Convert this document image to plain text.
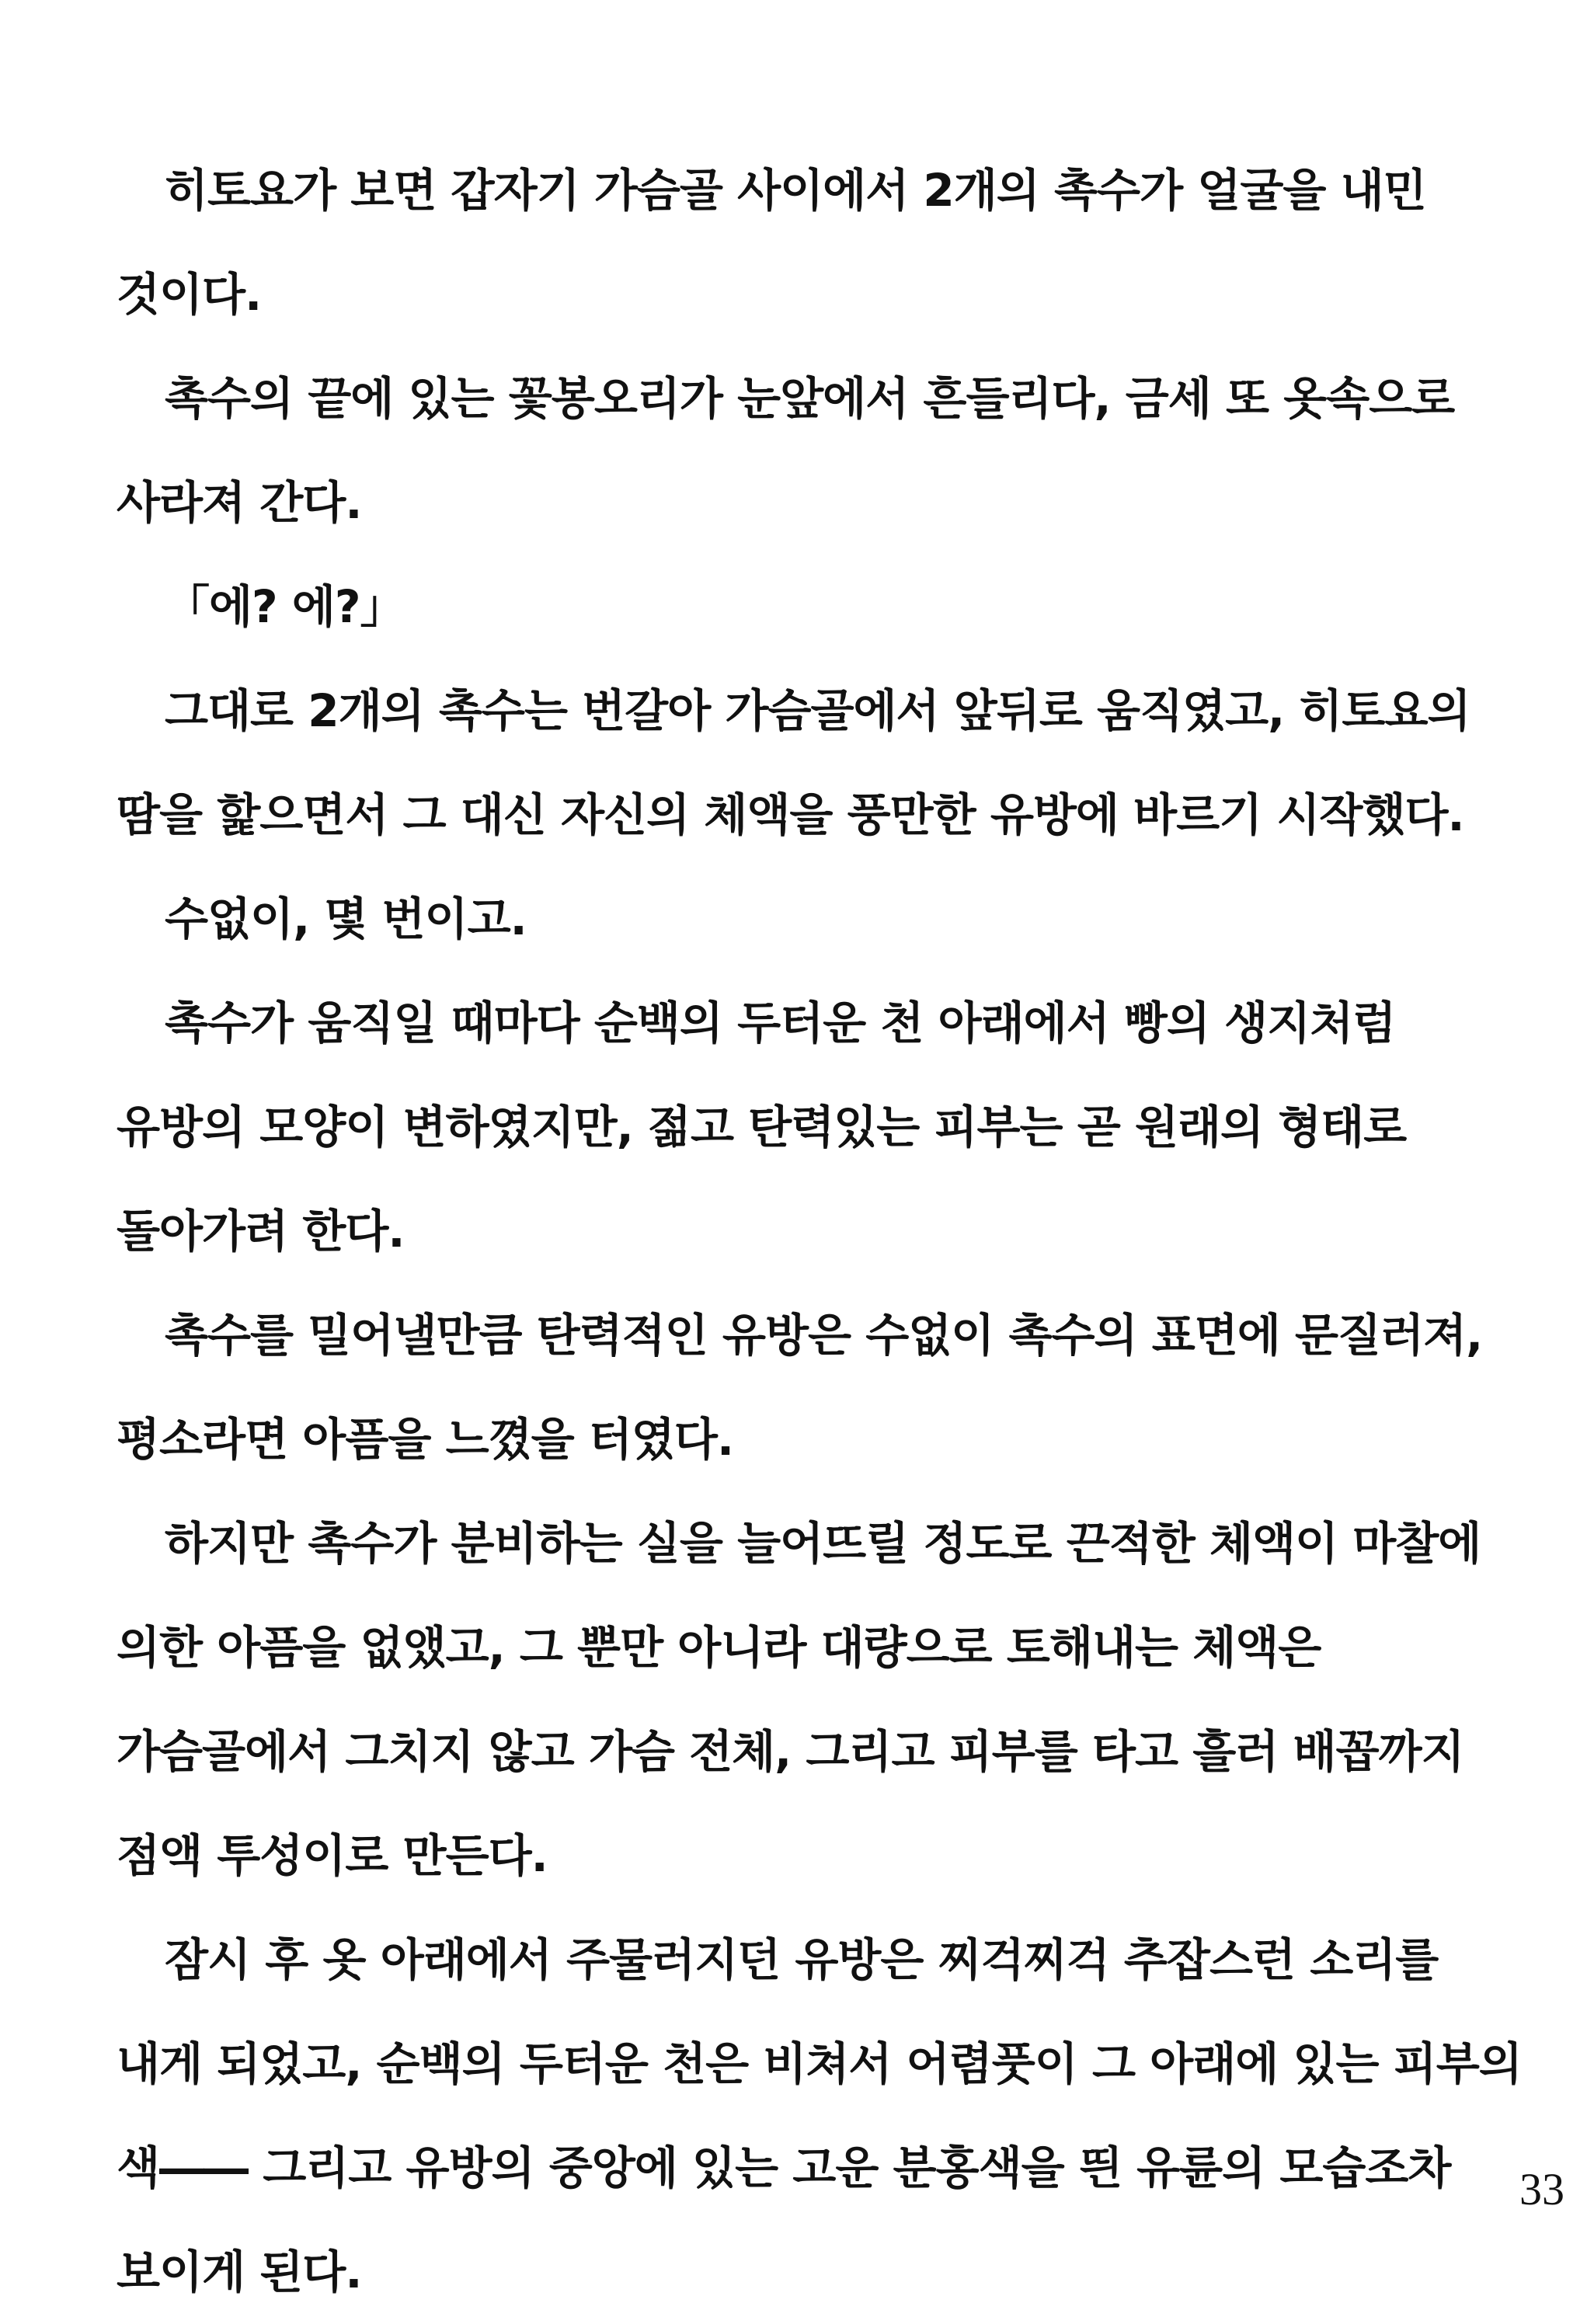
히토요가 보면 갑자기 가슴골 사이에서 2개의 촉수가 얼굴을 내민 것이다.

촉수의 끝에 있는 꽃봉오리가 눈앞에서 흔들리다, 금세 또 옷속으로 사라져 간다.

「에? 에?」

그대로 2개의 촉수는 번갈아 가슴골에서 앞뒤로 움직였고, 히토요의 땀을 핥으면서 그 대신 자신의 체액을 풍만한 유방에 바르기 시작했다.

수없이, 몇 번이고.

촉수가 움직일 때마다 순백의 두터운 천 아래에서 빵의 생지처럼 유방의 모양이 변하였지만, 젊고 탄력있는 피부는 곧 원래의 형태로 돌아가려 한다.

촉수를 밀어낼만큼 탄력적인 유방은 수없이 촉수의 표면에 문질러져, 평소라면 아픔을 느꼈을 터였다.

하지만 촉수가 분비하는 실을 늘어뜨릴 정도로 끈적한 체액이 마찰에 의한 아픔을 없앴고, 그 뿐만 아니라 대량으로 토해내는 체액은 가슴골에서 그치지 않고 가슴 전체, 그리고 피부를 타고 흘러 배꼽까지 점액 투성이로 만든다.

잠시 후 옷 아래에서 주물러지던 유방은 찌걱찌걱 추잡스런 소리를 내게 되었고, 순백의 두터운 천은 비쳐서 어렴풋이 그 아래에 있는 피부의 색―― 그리고 유방의 중앙에 있는 고운 분홍색을 띈 유륜의 모습조차 보이게 된다.

33
